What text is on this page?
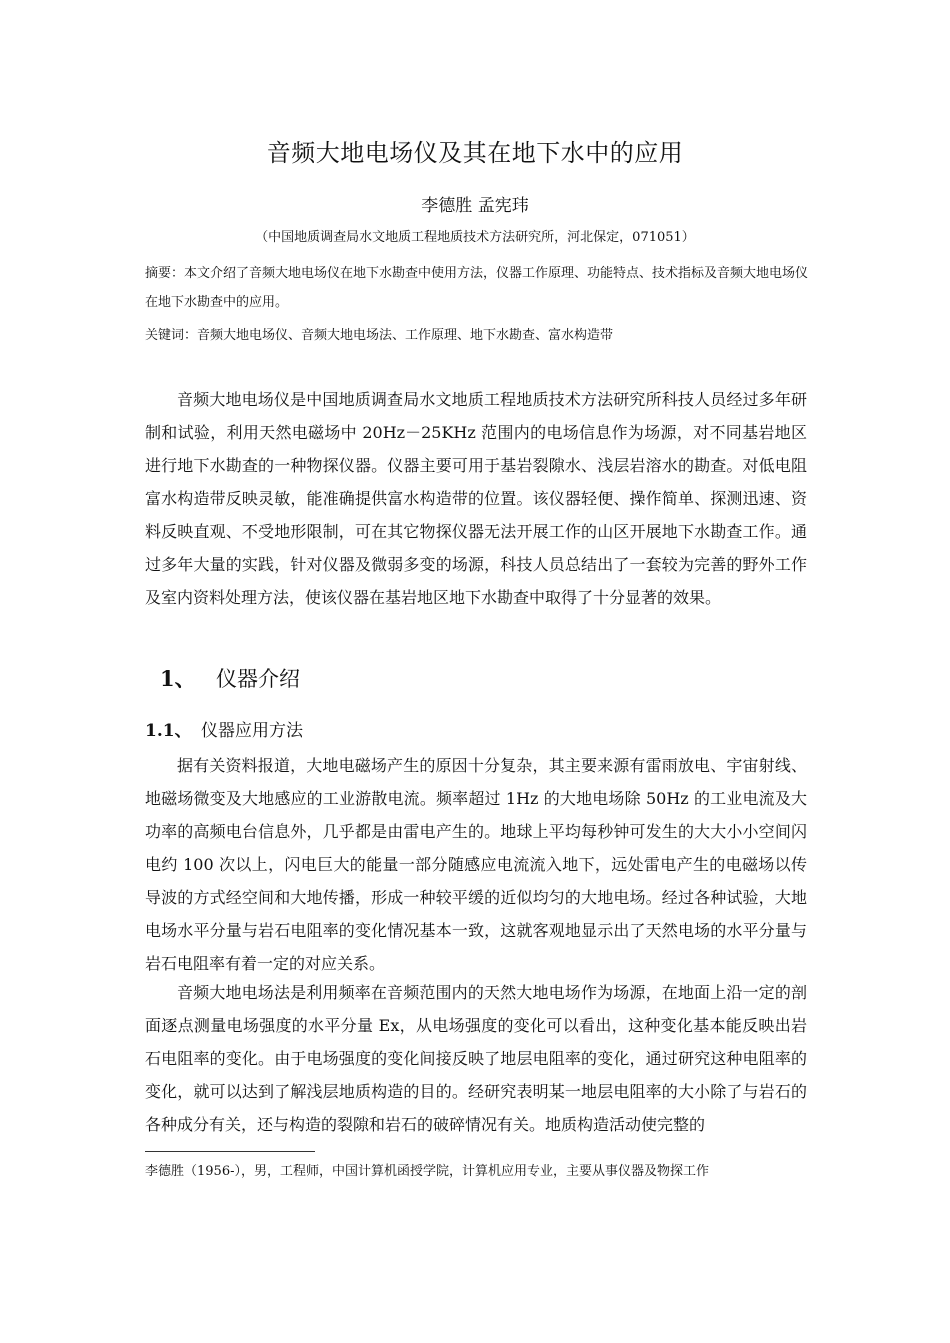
音频大地电场仪及其在地下水中的应用
李德胜 孟宪玮
（中国地质调查局水文地质工程地质技术方法研究所，河北保定，071051）

摘要：本文介绍了音频大地电场仪在地下水勘查中使用方法，仪器工作原理、功能特点、技术指标及音频大地电场仪在地下水勘查中的应用。

关键词：音频大地电场仪、音频大地电场法、工作原理、地下水勘查、富水构造带

音频大地电场仪是中国地质调查局水文地质工程地质技术方法研究所科技人员经过多年研制和试验，利用天然电磁场中 20Hz－25KHz 范围内的电场信息作为场源，对不同基岩地区进行地下水勘查的一种物探仪器。仪器主要可用于基岩裂隙水、浅层岩溶水的勘查。对低电阻富水构造带反映灵敏，能准确提供富水构造带的位置。该仪器轻便、操作简单、探测迅速、资料反映直观、不受地形限制，可在其它物探仪器无法开展工作的山区开展地下水勘查工作。通过多年大量的实践，针对仪器及微弱多变的场源，科技人员总结出了一套较为完善的野外工作及室内资料处理方法，使该仪器在基岩地区地下水勘查中取得了十分显著的效果。

1、 仪器介绍
1.1、 仪器应用方法

据有关资料报道，大地电磁场产生的原因十分复杂，其主要来源有雷雨放电、宇宙射线、地磁场微变及大地感应的工业游散电流。频率超过 1Hz 的大地电场除 50Hz 的工业电流及大功率的高频电台信息外，几乎都是由雷电产生的。地球上平均每秒钟可发生的大大小小空间闪电约 100 次以上，闪电巨大的能量一部分随感应电流流入地下，远处雷电产生的电磁场以传导波的方式经空间和大地传播，形成一种较平缓的近似均匀的大地电场。经过各种试验，大地电场水平分量与岩石电阻率的变化情况基本一致，这就客观地显示出了天然电场的水平分量与岩石电阻率有着一定的对应关系。

音频大地电场法是利用频率在音频范围内的天然大地电场作为场源，在地面上沿一定的剖面逐点测量电场强度的水平分量 Ex，从电场强度的变化可以看出，这种变化基本能反映出岩石电阻率的变化。由于电场强度的变化间接反映了地层电阻率的变化，通过研究这种电阻率的变化，就可以达到了解浅层地质构造的目的。经研究表明某一地层电阻率的大小除了与岩石的各种成分有关，还与构造的裂隙和岩石的破碎情况有关。地质构造活动使完整的

李德胜（1956-），男，工程师，中国计算机函授学院，计算机应用专业，主要从事仪器及物探工作
